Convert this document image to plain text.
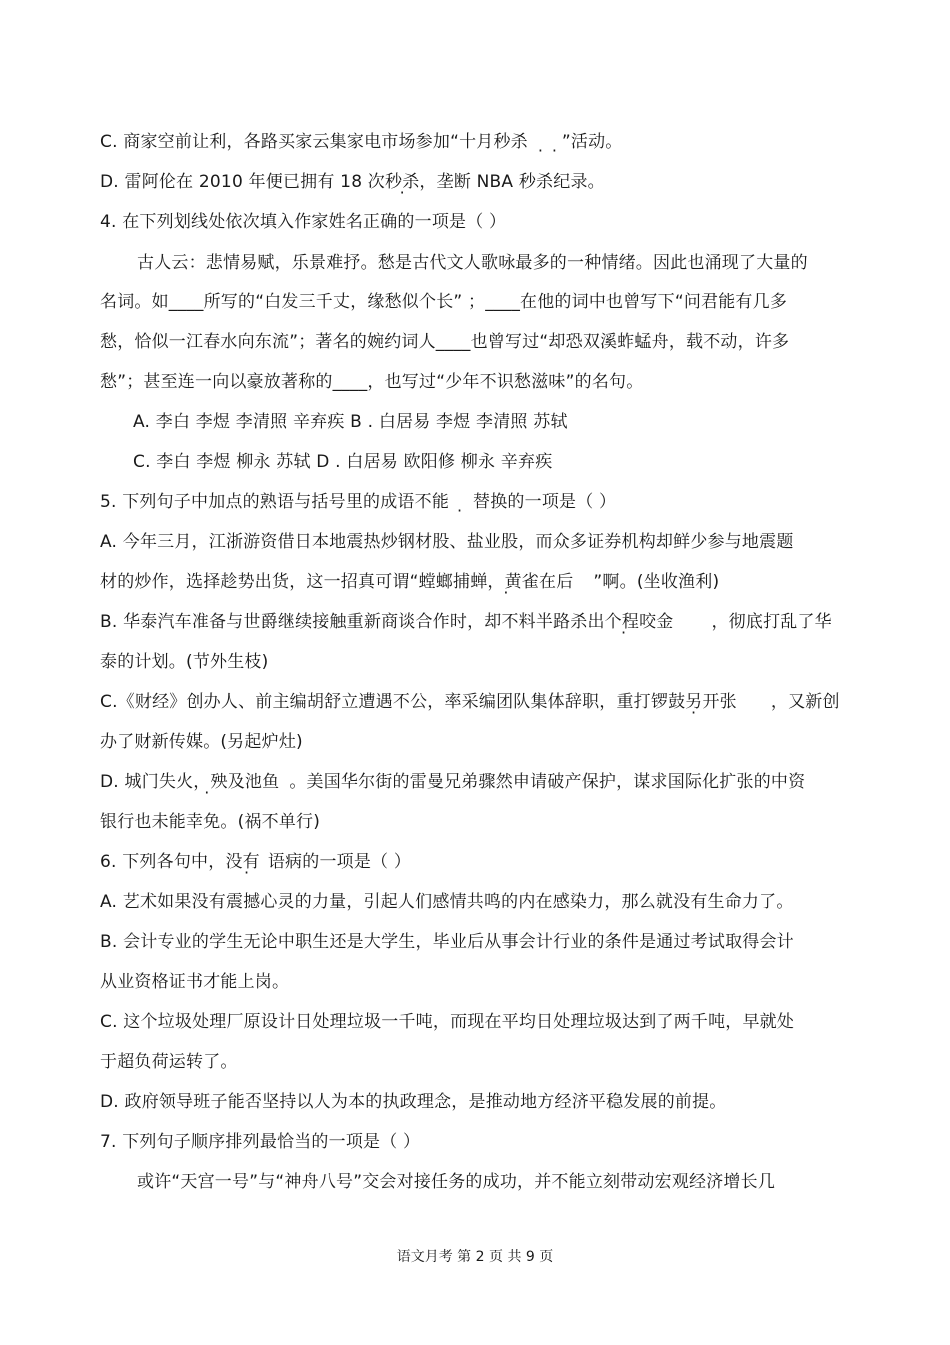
C. 商家空前让利，各路买家云集家电市场参加“十月秒杀 · · ”活动。
D. 雷阿伦在 2010 年便已拥有 18 次秒杀，垄断 NBA 秒杀纪录。
4. 在下列划线处依次填入作家姓名正确的一项是（ ）
古人云：悲情易赋，乐景难抒。愁是古代文人歌咏最多的一种情绪。因此也涌现了大量的
名词。如____所写的“白发三千丈，缘愁似个长” ；____在他的词中也曾写下“问君能有几多
愁，恰似一江春水向东流”；著名的婉约词人____也曾写过“却恐双溪蚱蜢舟，载不动，许多
愁”；甚至连一向以豪放著称的____，也写过“少年不识愁滋味”的名句。
A. 李白 李煜 李清照 辛弃疾 B . 白居易 李煜 李清照 苏轼
C. 李白 李煜 柳永 苏轼 D . 白居易 欧阳修 柳永 辛弃疾
5. 下列句子中加点的熟语与括号里的成语不能 · 替换的一项是（ ）
A. 今年三月，江浙游资借日本地震热炒钢材股、盐业股，而众多证券机构却鲜少参与地震题
材的炒作，选择趁势出货，这一招真可谓“螳螂捕蝉，黄雀在后 · ”啊。(坐收渔利)
B. 华泰汽车准备与世爵继续接触重新商谈合作时，却不料半路杀出个程咬金 · ，彻底打乱了华
泰的计划。(节外生枝)
C.《财经》创办人、前主编胡舒立遭遇不公，率采编团队集体辞职，重打锣鼓另开张 · ，又新创
办了财新传媒。(另起炉灶)
D. 城门失火，殃及池鱼 · 。美国华尔街的雷曼兄弟骤然申请破产保护，谋求国际化扩张的中资
银行也未能幸免。(祸不单行)
6. 下列各句中，没有 语病的一项是（ ）
A. 艺术如果没有震撼心灵的力量，引起人们感情共鸣的内在感染力，那么就没有生命力了。
B. 会计专业的学生无论中职生还是大学生，毕业后从事会计行业的条件是通过考试取得会计
从业资格证书才能上岗。
C. 这个垃圾处理厂原设计日处理垃圾一千吨，而现在平均日处理垃圾达到了两千吨，早就处
于超负荷运转了。
D. 政府领导班子能否坚持以人为本的执政理念，是推动地方经济平稳发展的前提。
7. 下列句子顺序排列最恰当的一项是（ ）
或许“天宫一号”与“神舟八号”交会对接任务的成功，并不能立刻带动宏观经济增长几
语文月考 第 2 页 共 9 页
